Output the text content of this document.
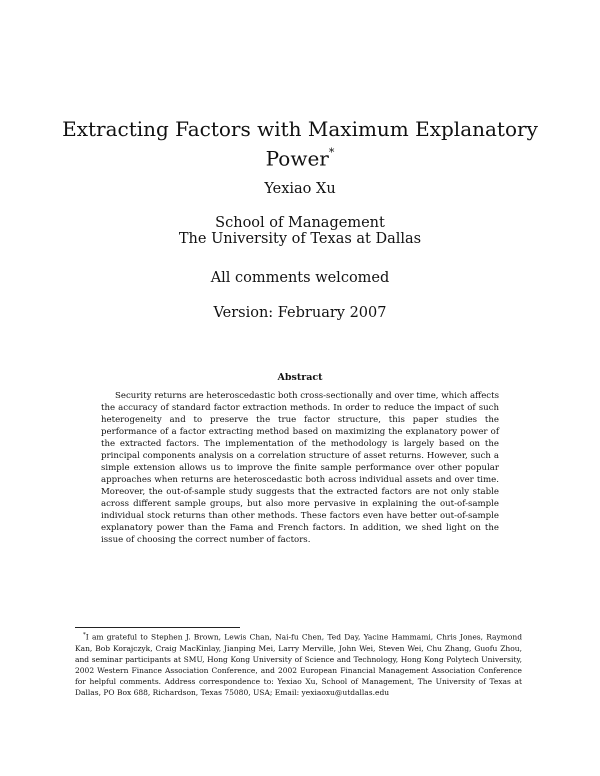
Extracting Factors with Maximum Explanatory Power*
Yexiao Xu
School of Management
The University of Texas at Dallas
All comments welcomed
Version: February 2007
Abstract

Security returns are heteroscedastic both cross-sectionally and over time, which affects the accuracy of standard factor extraction methods. In order to reduce the impact of such heterogeneity and to preserve the true factor structure, this paper studies the performance of a factor extracting method based on maximizing the explanatory power of the extracted factors. The implementation of the methodology is largely based on the principal components analysis on a correlation structure of asset returns. However, such a simple extension allows us to improve the finite sample performance over other popular approaches when returns are heteroscedastic both across individual assets and over time. Moreover, the out-of-sample study suggests that the extracted factors are not only stable across different sample groups, but also more pervasive in explaining the out-of-sample individual stock returns than other methods. These factors even have better out-of-sample explanatory power than the Fama and French factors. In addition, we shed light on the issue of choosing the correct number of factors.

*I am grateful to Stephen J. Brown, Lewis Chan, Nai-fu Chen, Ted Day, Yacine Hammami, Chris Jones, Raymond Kan, Bob Korajczyk, Craig MacKinlay, Jianping Mei, Larry Merville, John Wei, Steven Wei, Chu Zhang, Guofu Zhou, and seminar participants at SMU, Hong Kong University of Science and Technology, Hong Kong Polytech University, 2002 Western Finance Association Conference, and 2002 European Financial Management Association Conference for helpful comments. Address correspondence to: Yexiao Xu, School of Management, The University of Texas at Dallas, PO Box 688, Richardson, Texas 75080, USA; Email: yexiaoxu@utdallas.edu
